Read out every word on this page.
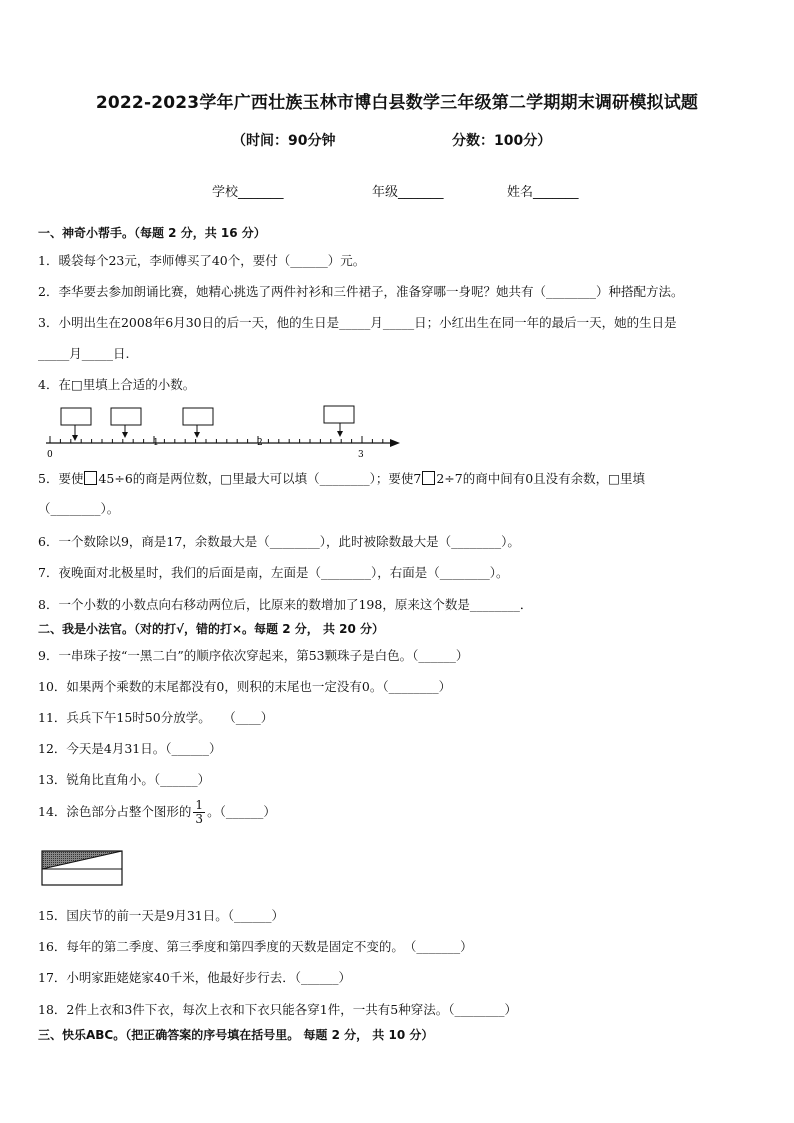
2022-2023学年广西壮族玉林市博白县数学三年级第二学期期末调研模拟试题
（时间：90分钟	分数：100分）
学校_______	年级_______	姓名_______
一、神奇小帮手。（每题 2 分，共 16 分）
1．暖袋每个23元，李师傅买了40个，要付（______）元。
2．李华要去参加朗诵比赛，她精心挑选了两件衬衫和三件裙子，准备穿哪一身呢？她共有（________）种搭配方法。
3．小明出生在2008年6月30日的后一天，他的生日是_____月_____日；小红出生在同一年的最后一天，她的生日是
_____月_____日.
4．在□里填上合适的小数。
0
1	2
3
5．要使 45÷6的商是两位数，□里最大可以填（________）；要使7 2÷7的商中间有0且没有余数，□里填
（________）。
6．一个数除以9，商是17，余数最大是（________），此时被除数最大是（________）。
7．夜晚面对北极星时，我们的后面是南，左面是（________），右面是（________）。
8．一个小数的小数点向右移动两位后，比原来的数增加了198，原来这个数是________．
二、我是小法官。（对的打√，错的打×。每题 2 分， 共 20 分）
9．一串珠子按“一黑二白”的顺序依次穿起来，第53颗珠子是白色。（______）
10．如果两个乘数的末尾都没有0，则积的末尾也一定没有0。（________）
11．兵兵下午15时50分放学。　　（____）
12．今天是4月31日。（______）
13．锐角比直角小。（______）
14．涂色部分占整个图形的 $\frac{1}{3}$ 。（______）
15．国庆节的前一天是9月31日。（______）
16．每年的第二季度、第三季度和第四季度的天数是固定不变的。　（_______）
17．小明家距姥姥家40千米，他最好步行去．（______）
18．2件上衣和3件下衣，每次上衣和下衣只能各穿1件，一共有5种穿法。（________）
三、快乐ABC。（把正确答案的序号填在括号里。 每题 2 分， 共 10 分）
